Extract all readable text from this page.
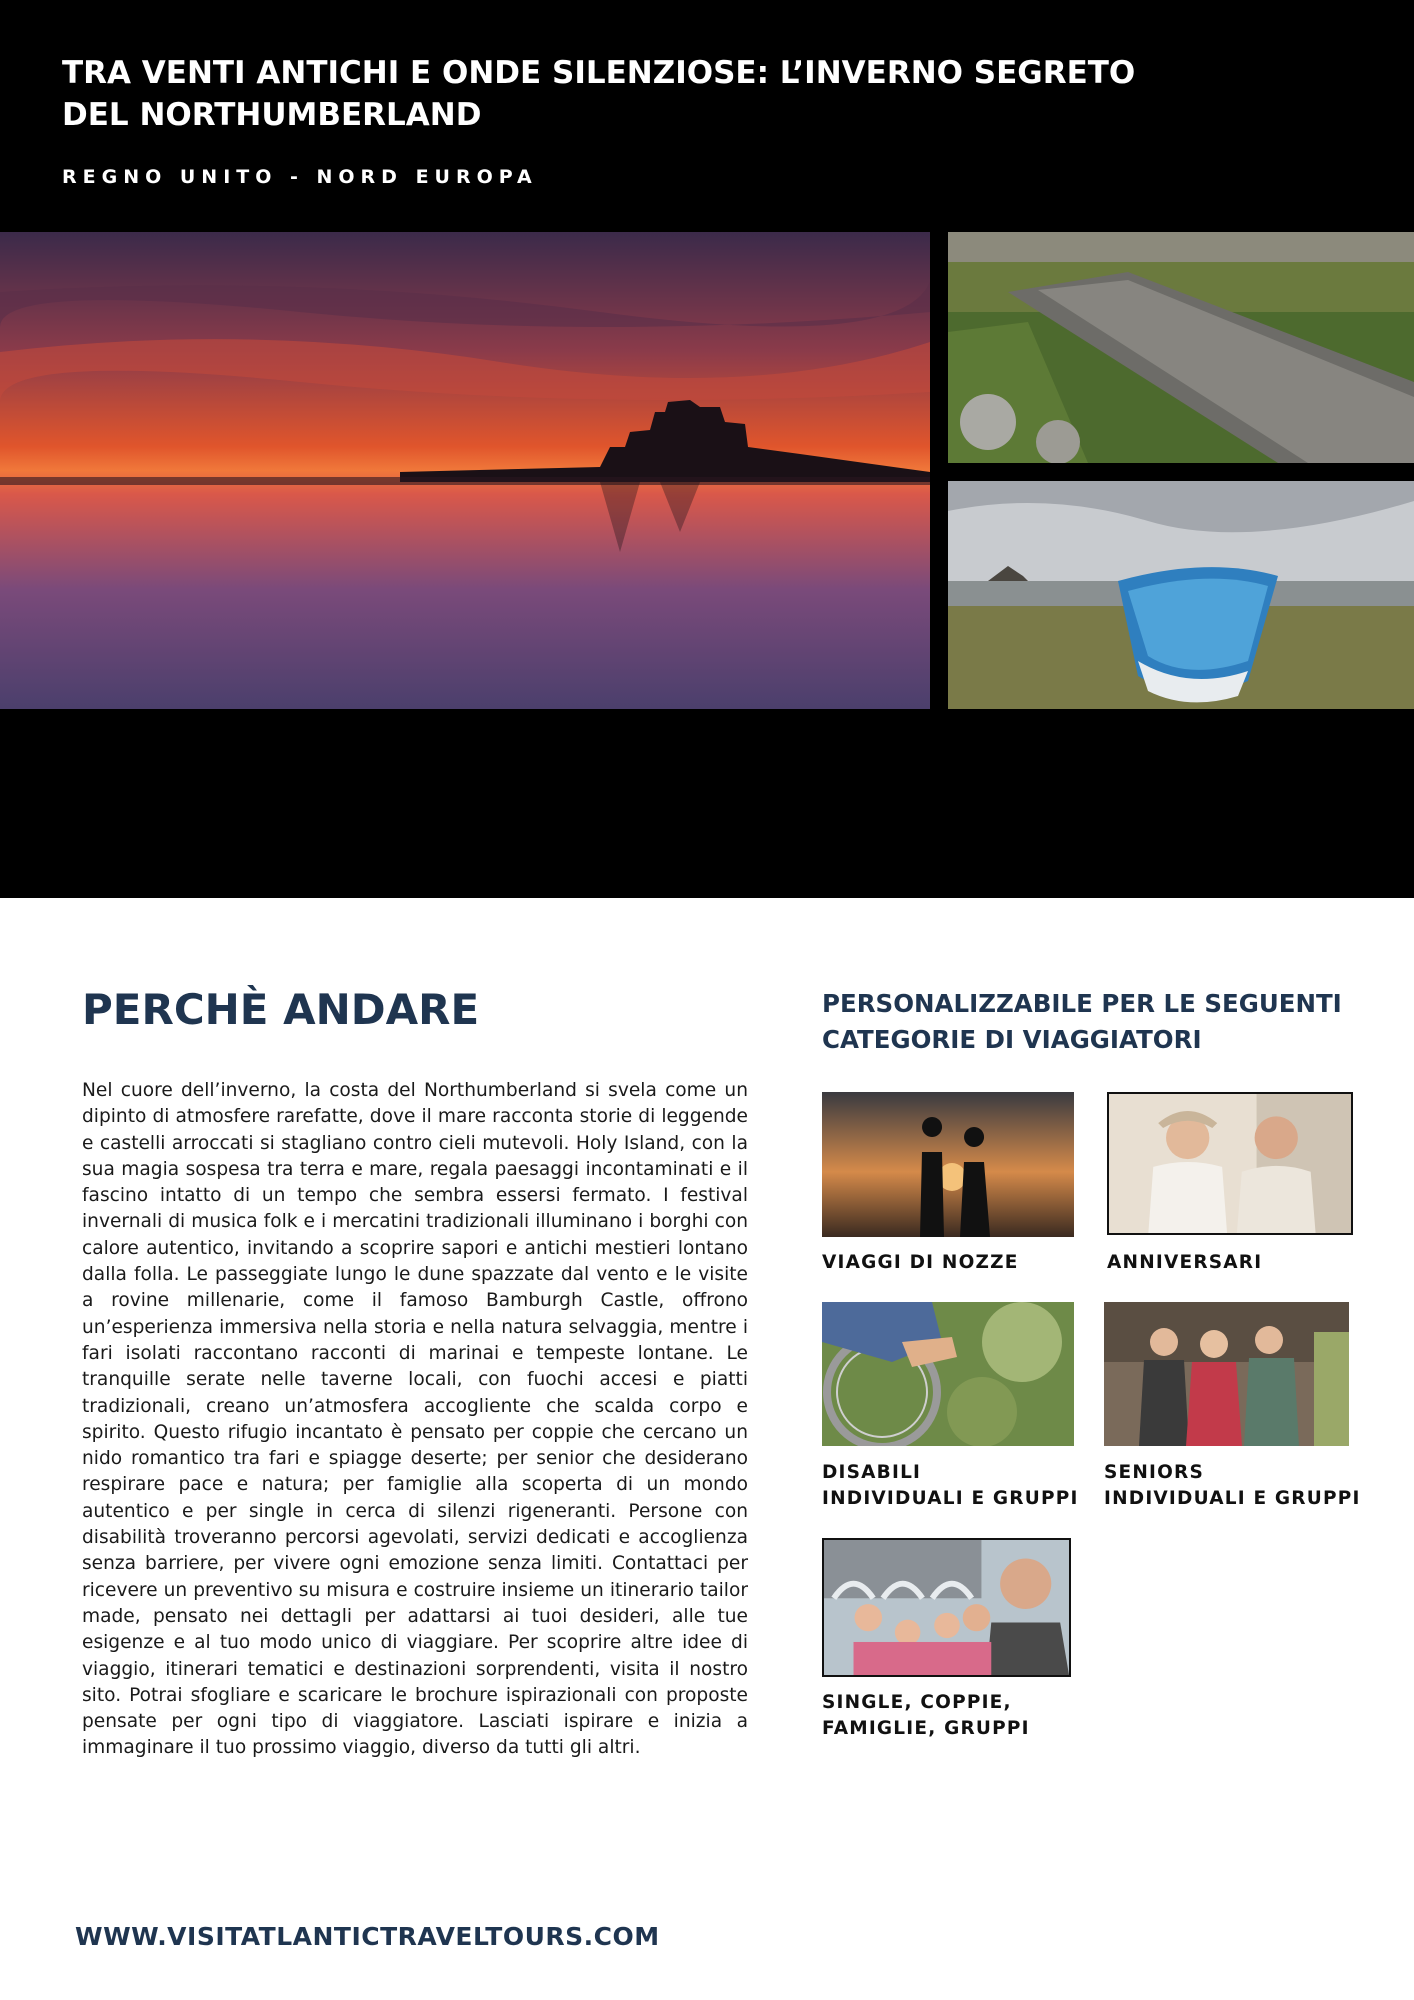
TRA VENTI ANTICHI E ONDE SILENZIOSE: L’INVERNO SEGRETO DEL NORTHUMBERLAND

REGNO UNITO - NORD EUROPA

PERCHÈ ANDARE

Nel cuore dell’inverno, la costa del Northumberland si svela come un dipinto di atmosfere rarefatte, dove il mare racconta storie di leggende e castelli arroccati si stagliano contro cieli mutevoli. Holy Island, con la sua magia sospesa tra terra e mare, regala paesaggi incontaminati e il fascino intatto di un tempo che sembra essersi fermato. I festival invernali di musica folk e i mercatini tradizionali illuminano i borghi con calore autentico, invitando a scoprire sapori e antichi mestieri lontano dalla folla. Le passeggiate lungo le dune spazzate dal vento e le visite a rovine millenarie, come il famoso Bamburgh Castle, offrono un’esperienza immersiva nella storia e nella natura selvaggia, mentre i fari isolati raccontano racconti di marinai e tempeste lontane. Le tranquille serate nelle taverne locali, con fuochi accesi e piatti tradizionali, creano un’atmosfera accogliente che scalda corpo e spirito. Questo rifugio incantato è pensato per coppie che cercano un nido romantico tra fari e spiagge deserte; per senior che desiderano respirare pace e natura; per famiglie alla scoperta di un mondo autentico e per single in cerca di silenzi rigeneranti. Persone con disabilità troveranno percorsi agevolati, servizi dedicati e accoglienza senza barriere, per vivere ogni emozione senza limiti. Contattaci per ricevere un preventivo su misura e costruire insieme un itinerario tailor made, pensato nei dettagli per adattarsi ai tuoi desideri, alle tue esigenze e al tuo modo unico di viaggiare. Per scoprire altre idee di viaggio, itinerari tematici e destinazioni sorprendenti, visita il nostro sito. Potrai sfogliare e scaricare le brochure ispirazionali con proposte pensate per ogni tipo di viaggiatore. Lasciati ispirare e inizia a immaginare il tuo prossimo viaggio, diverso da tutti gli altri.

PERSONALIZZABILE PER LE SEGUENTI CATEGORIE DI VIAGGIATORI

VIAGGI DI NOZZE	ANNIVERSARI

DISABILI
INDIVIDUALI E GRUPPI

SENIORS
INDIVIDUALI E GRUPPI

SINGLE, COPPIE,
FAMIGLIE, GRUPPI

WWW.VISITATLANTICTRAVELTOURS.COM
